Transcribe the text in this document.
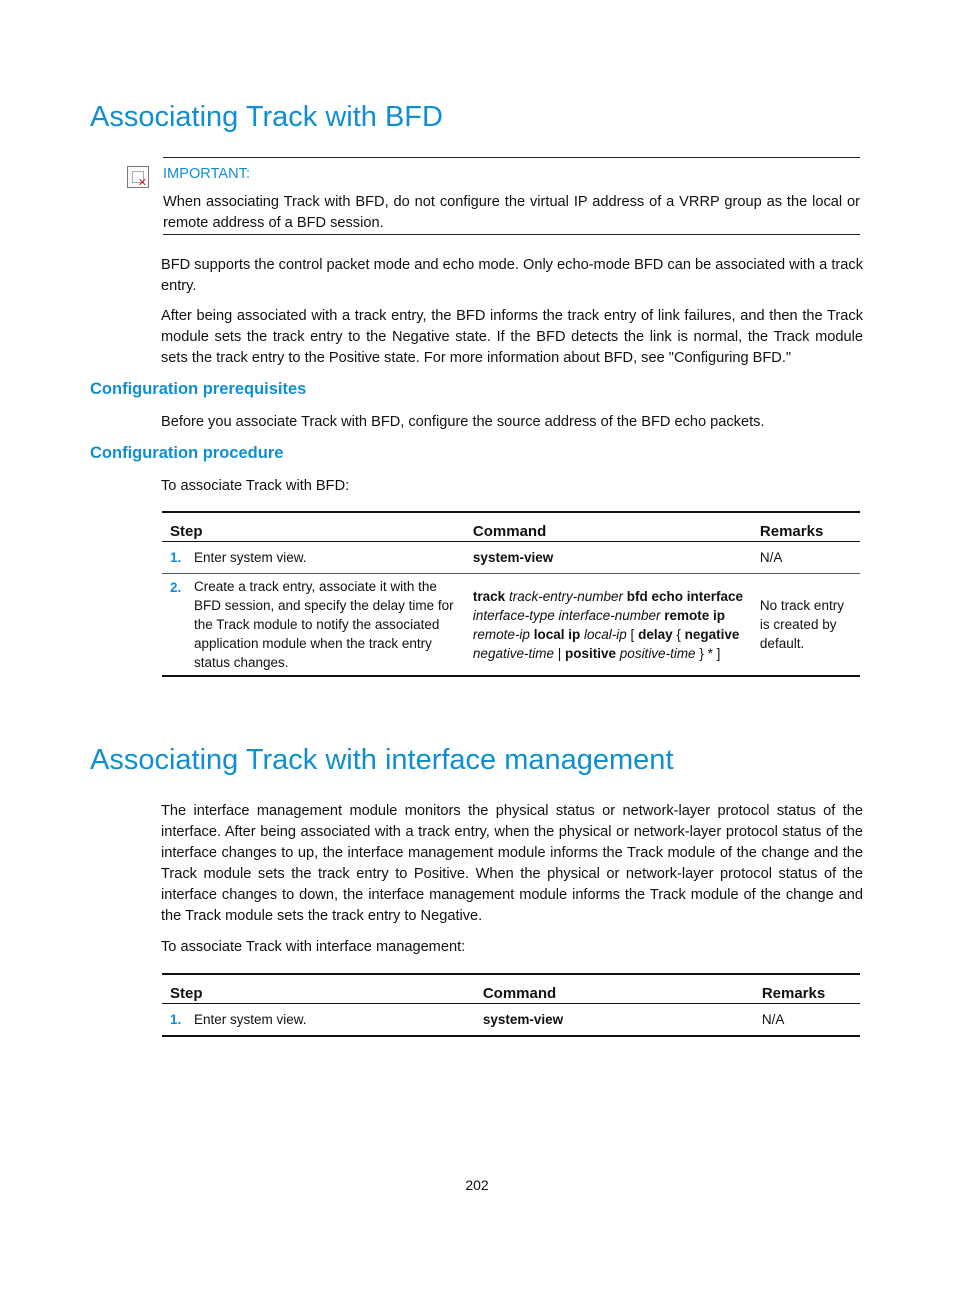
Associating Track with BFD
✕
IMPORTANT:
When associating Track with BFD, do not configure the virtual IP address of a VRRP group as the local or remote address of a BFD session.

BFD supports the control packet mode and echo mode. Only echo-mode BFD can be associated with a track entry.

After being associated with a track entry, the BFD informs the track entry of link failures, and then the Track module sets the track entry to the Negative state. If the BFD detects the link is normal, the Track module sets the track entry to the Positive state. For more information about BFD, see "Configuring BFD."

Configuration prerequisites

Before you associate Track with BFD, configure the source address of the BFD echo packets.

Configuration procedure

To associate Track with BFD:

Step		Command	Remarks
1.	Enter system view.	system-view	N/A
2.	Create a track entry, associate it with the BFD session, and specify the delay time for the Track module to notify the associated application module when the track entry status changes.	track track-entry-number bfd echo interface interface-type interface-number remote ip remote-ip local ip local-ip [ delay { negative negative-time | positive positive-time } * ]	No track entry is created by default.
Associating Track with interface management

The interface management module monitors the physical status or network-layer protocol status of the interface. After being associated with a track entry, when the physical or network-layer protocol status of the interface changes to up, the interface management module informs the Track module of the change and the Track module sets the track entry to Positive. When the physical or network-layer protocol status of the interface changes to down, the interface management module informs the Track module of the change and the Track module sets the track entry to Negative.

To associate Track with interface management:

Step		Command	Remarks
1.	Enter system view.	system-view	N/A
202
